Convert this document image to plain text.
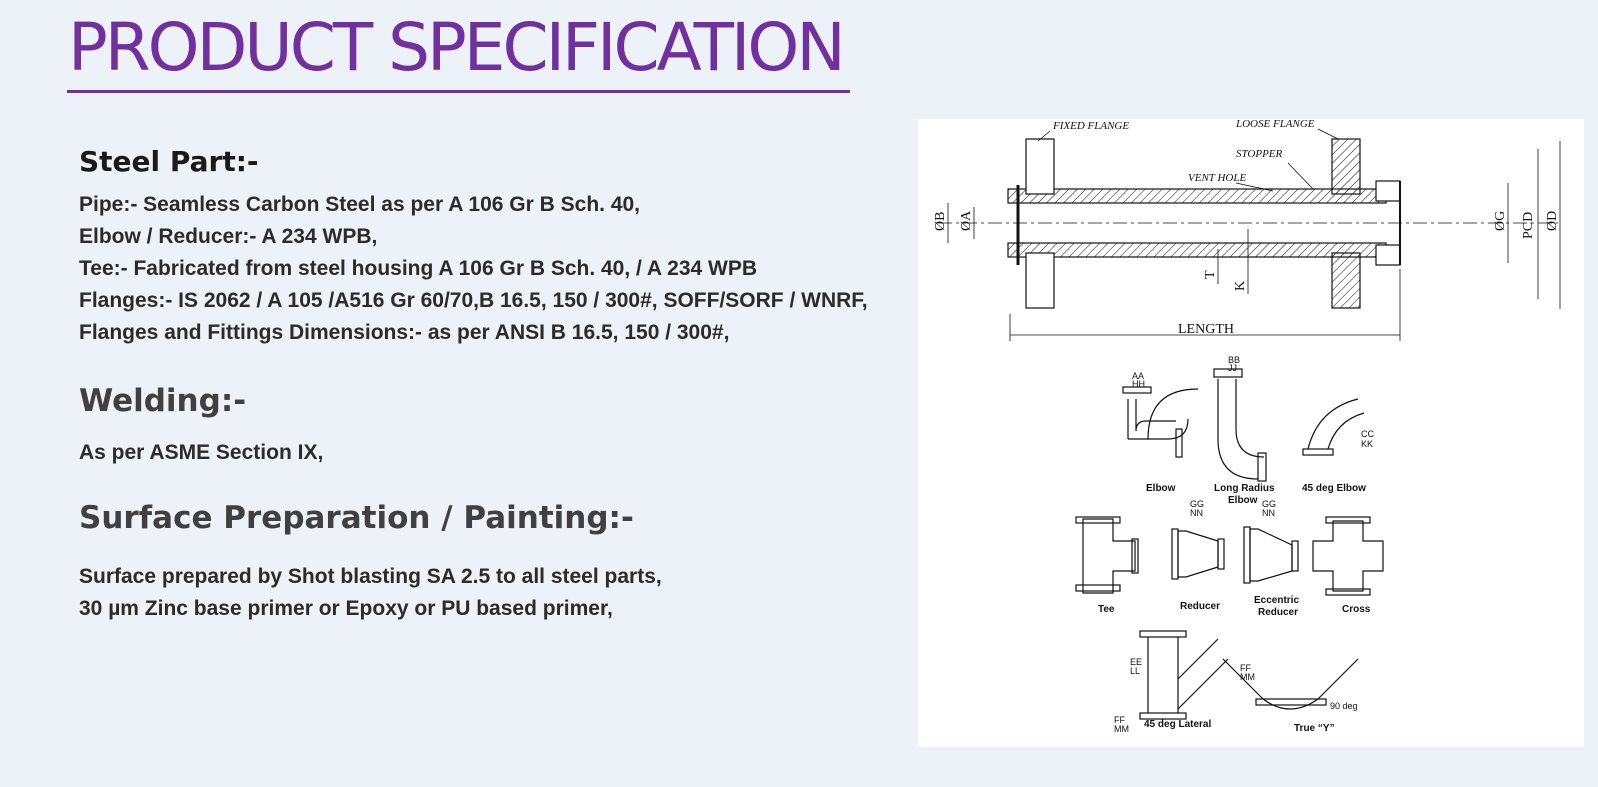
PRODUCT SPECIFICATION
Steel Part:-
Pipe:- Seamless Carbon Steel as per A 106 Gr B Sch. 40,
Elbow / Reducer:- A 234 WPB,
Tee:- Fabricated from steel housing A 106 Gr B Sch. 40, / A 234 WPB
Flanges:- IS 2062 / A 105 /A516 Gr 60/70,B 16.5, 150 / 300#, SOFF/SORF / WNRF,
Flanges and Fittings Dimensions:- as per ANSI B 16.5, 150 / 300#,
Welding:-
As per ASME Section IX,
Surface Preparation / Painting:-
Surface prepared by Shot blasting SA 2.5 to all steel parts,
30 µm Zinc base primer or Epoxy or PU based primer,
FIXED FLANGE	LOOSE FLANGE
STOPPER
VENT HOLE
LENGTH
ØB ØA	ØG PCD ØD
T
K
Elbow	Long Radius
Elbow
45 deg Elbow
AA
HH
BB
JJ
CC
KK
Tee	Reducer
Eccentric
Reducer	Cross
GG
NN
GG
NN
45 deg Lateral	True “Y”
90 deg
EE
LL	FF
MM
FF
MM
